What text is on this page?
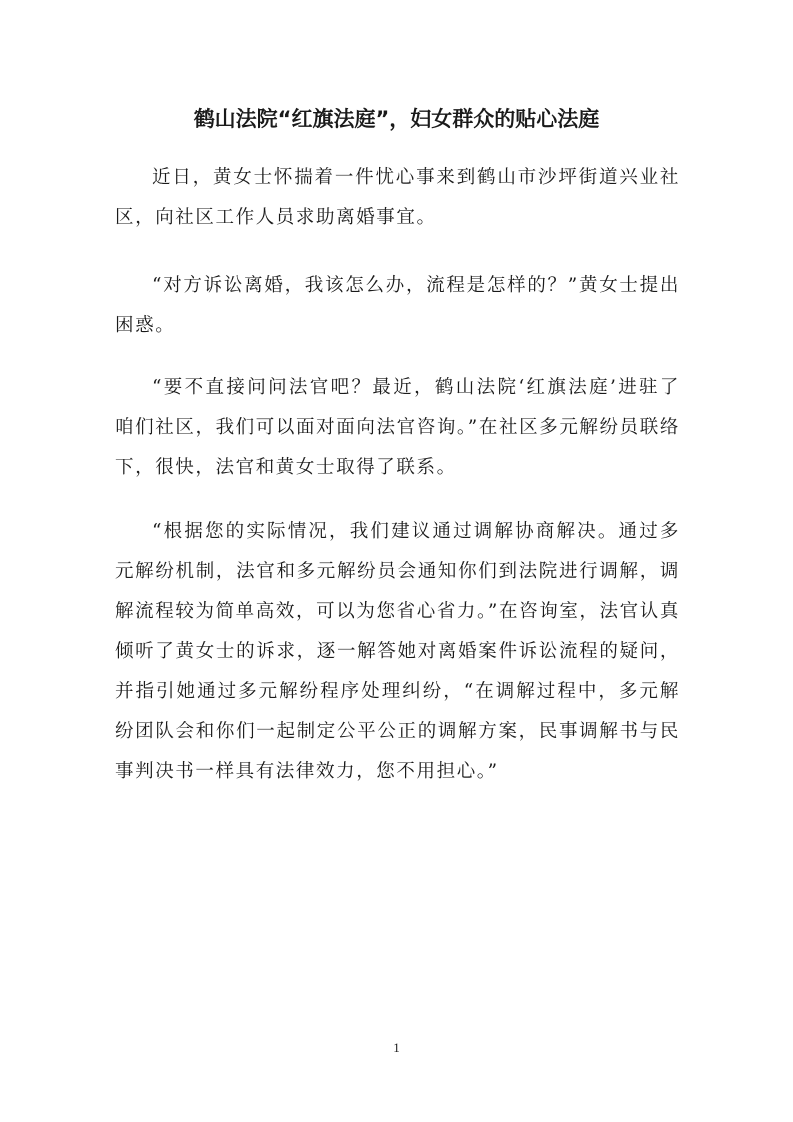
鹤山法院“红旗法庭”，妇女群众的贴心法庭

近日，黄女士怀揣着一件忧心事来到鹤山市沙坪街道兴业社区，向社区工作人员求助离婚事宜。

“对方诉讼离婚，我该怎么办，流程是怎样的？”黄女士提出困惑。

“要不直接问问法官吧？最近，鹤山法院‘红旗法庭’进驻了咱们社区，我们可以面对面向法官咨询。”在社区多元解纷员联络下，很快，法官和黄女士取得了联系。

“根据您的实际情况，我们建议通过调解协商解决。通过多元解纷机制，法官和多元解纷员会通知你们到法院进行调解，调解流程较为简单高效，可以为您省心省力。”在咨询室，法官认真倾听了黄女士的诉求，逐一解答她对离婚案件诉讼流程的疑问，并指引她通过多元解纷程序处理纠纷，“在调解过程中，多元解纷团队会和你们一起制定公平公正的调解方案，民事调解书与民事判决书一样具有法律效力，您不用担心。”

1
